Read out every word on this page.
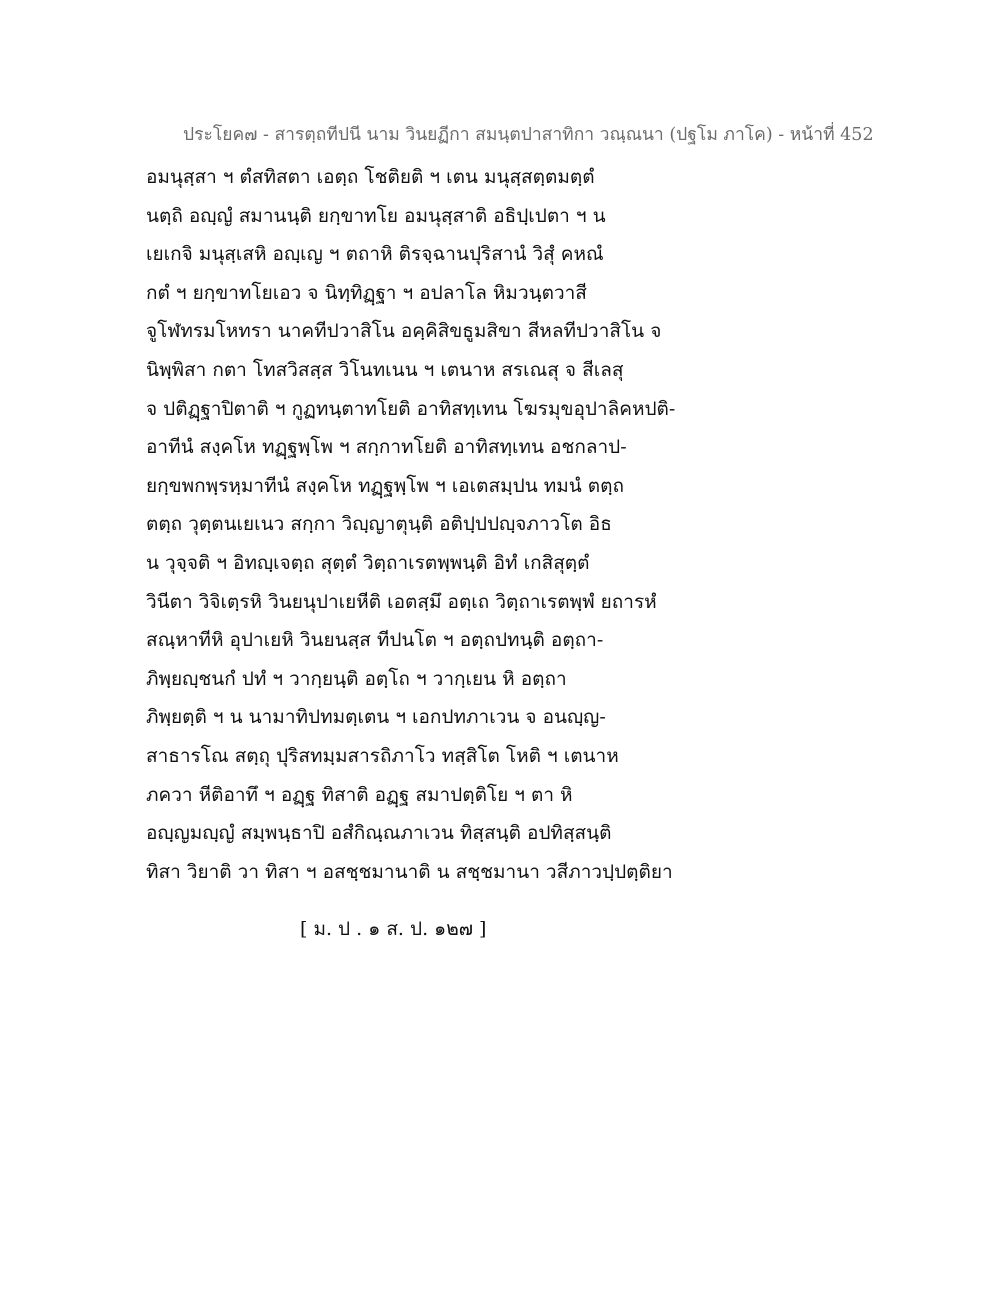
ประโยค๗ - สารตฺถทีปนี นาม วินยฏีกา สมนฺตปาสาทิกา วณฺณนา (ปฐโม ภาโค) - หน้าที่ 452
อมนุสฺสา ฯ ตํสทิสตา เอตฺถ โชติยติ ฯ เตน มนุสฺสตฺตมตฺตํ
นตฺถิ อญฺญํ สมานนฺติ ยกฺขาทโย อมนุสฺสาติ อธิปฺเปตา ฯ น
เยเกจิ มนุสฺเสหิ อญฺเญ ฯ ตถาหิ ติรจฺฉานปุริสานํ วิสุํ คหณํ
กตํ ฯ ยกฺขาทโยเอว จ นิทฺทิฏฺฐา ฯ อปลาโล หิมวนฺตวาสี
จูโฬทรมโหทรา นาคทีปวาสิโน อคฺคิสิขธูมสิขา สีหลทีปวาสิโน จ
นิพฺพิสา กตา โทสวิสสฺส วิโนทเนน ฯ เตนาห สรเณสุ จ สีเลสุ
จ ปติฏฺฐาปิตาติ ฯ กูฏทนฺตาทโยติ อาทิสทฺเทน โฆรมุขอุปาลิคหปติ-
อาทีนํ สงฺคโห ทฏฺฐพฺโพ ฯ สกฺกาทโยติ อาทิสทฺเทน อชกลาป-
ยกฺขพกพฺรหฺมาทีนํ สงฺคโห ทฏฺฐพฺโพ ฯ เอเตสมฺปน ทมนํ ตตฺถ
ตตฺถ วุตฺตนเยเนว สกฺกา วิญฺญาตุนฺติ อติปฺปปญฺจภาวโต อิธ
น วุจฺจติ ฯ อิทญฺเจตฺถ สุตฺตํ วิตฺถาเรตพฺพนฺติ อิทํ เกสิสุตฺตํ
วินีตา วิจิเตฺรหิ วินยนุปาเยหีติ เอตสฺมึ อตฺเถ วิตฺถาเรตพฺพํ ยถารหํ
สณฺหาทีหิ อุปาเยหิ วินยนสฺส ทีปนโต ฯ อตฺถปทนฺติ อตฺถา-
ภิพฺยญฺชนกํ ปทํ ฯ วากฺยนฺติ อตฺโถ ฯ วากฺเยน หิ อตฺถา
ภิพฺยตฺติ ฯ น นามาทิปทมตฺเตน ฯ เอกปทภาเวน จ อนญฺญ-
สาธารโณ สตฺถุ ปุริสทมฺมสารถิภาโว ทสฺสิโต โหติ ฯ เตนาห
ภควา หีติอาทึ ฯ อฏฺฐ ทิสาติ อฏฺฐ สมาปตฺติโย ฯ ตา หิ
อญฺญมญฺญํ สมฺพนฺธาปิ อสํกิณฺณภาเวน ทิสฺสนฺติ อปทิสฺสนฺติ
ทิสา วิยาติ วา ทิสา ฯ อสชฺชมานาติ น สชฺชมานา วสีภาวปฺปตฺติยา
[ ม. ป . ๑ ส. ป. ๑๒๗ ]
